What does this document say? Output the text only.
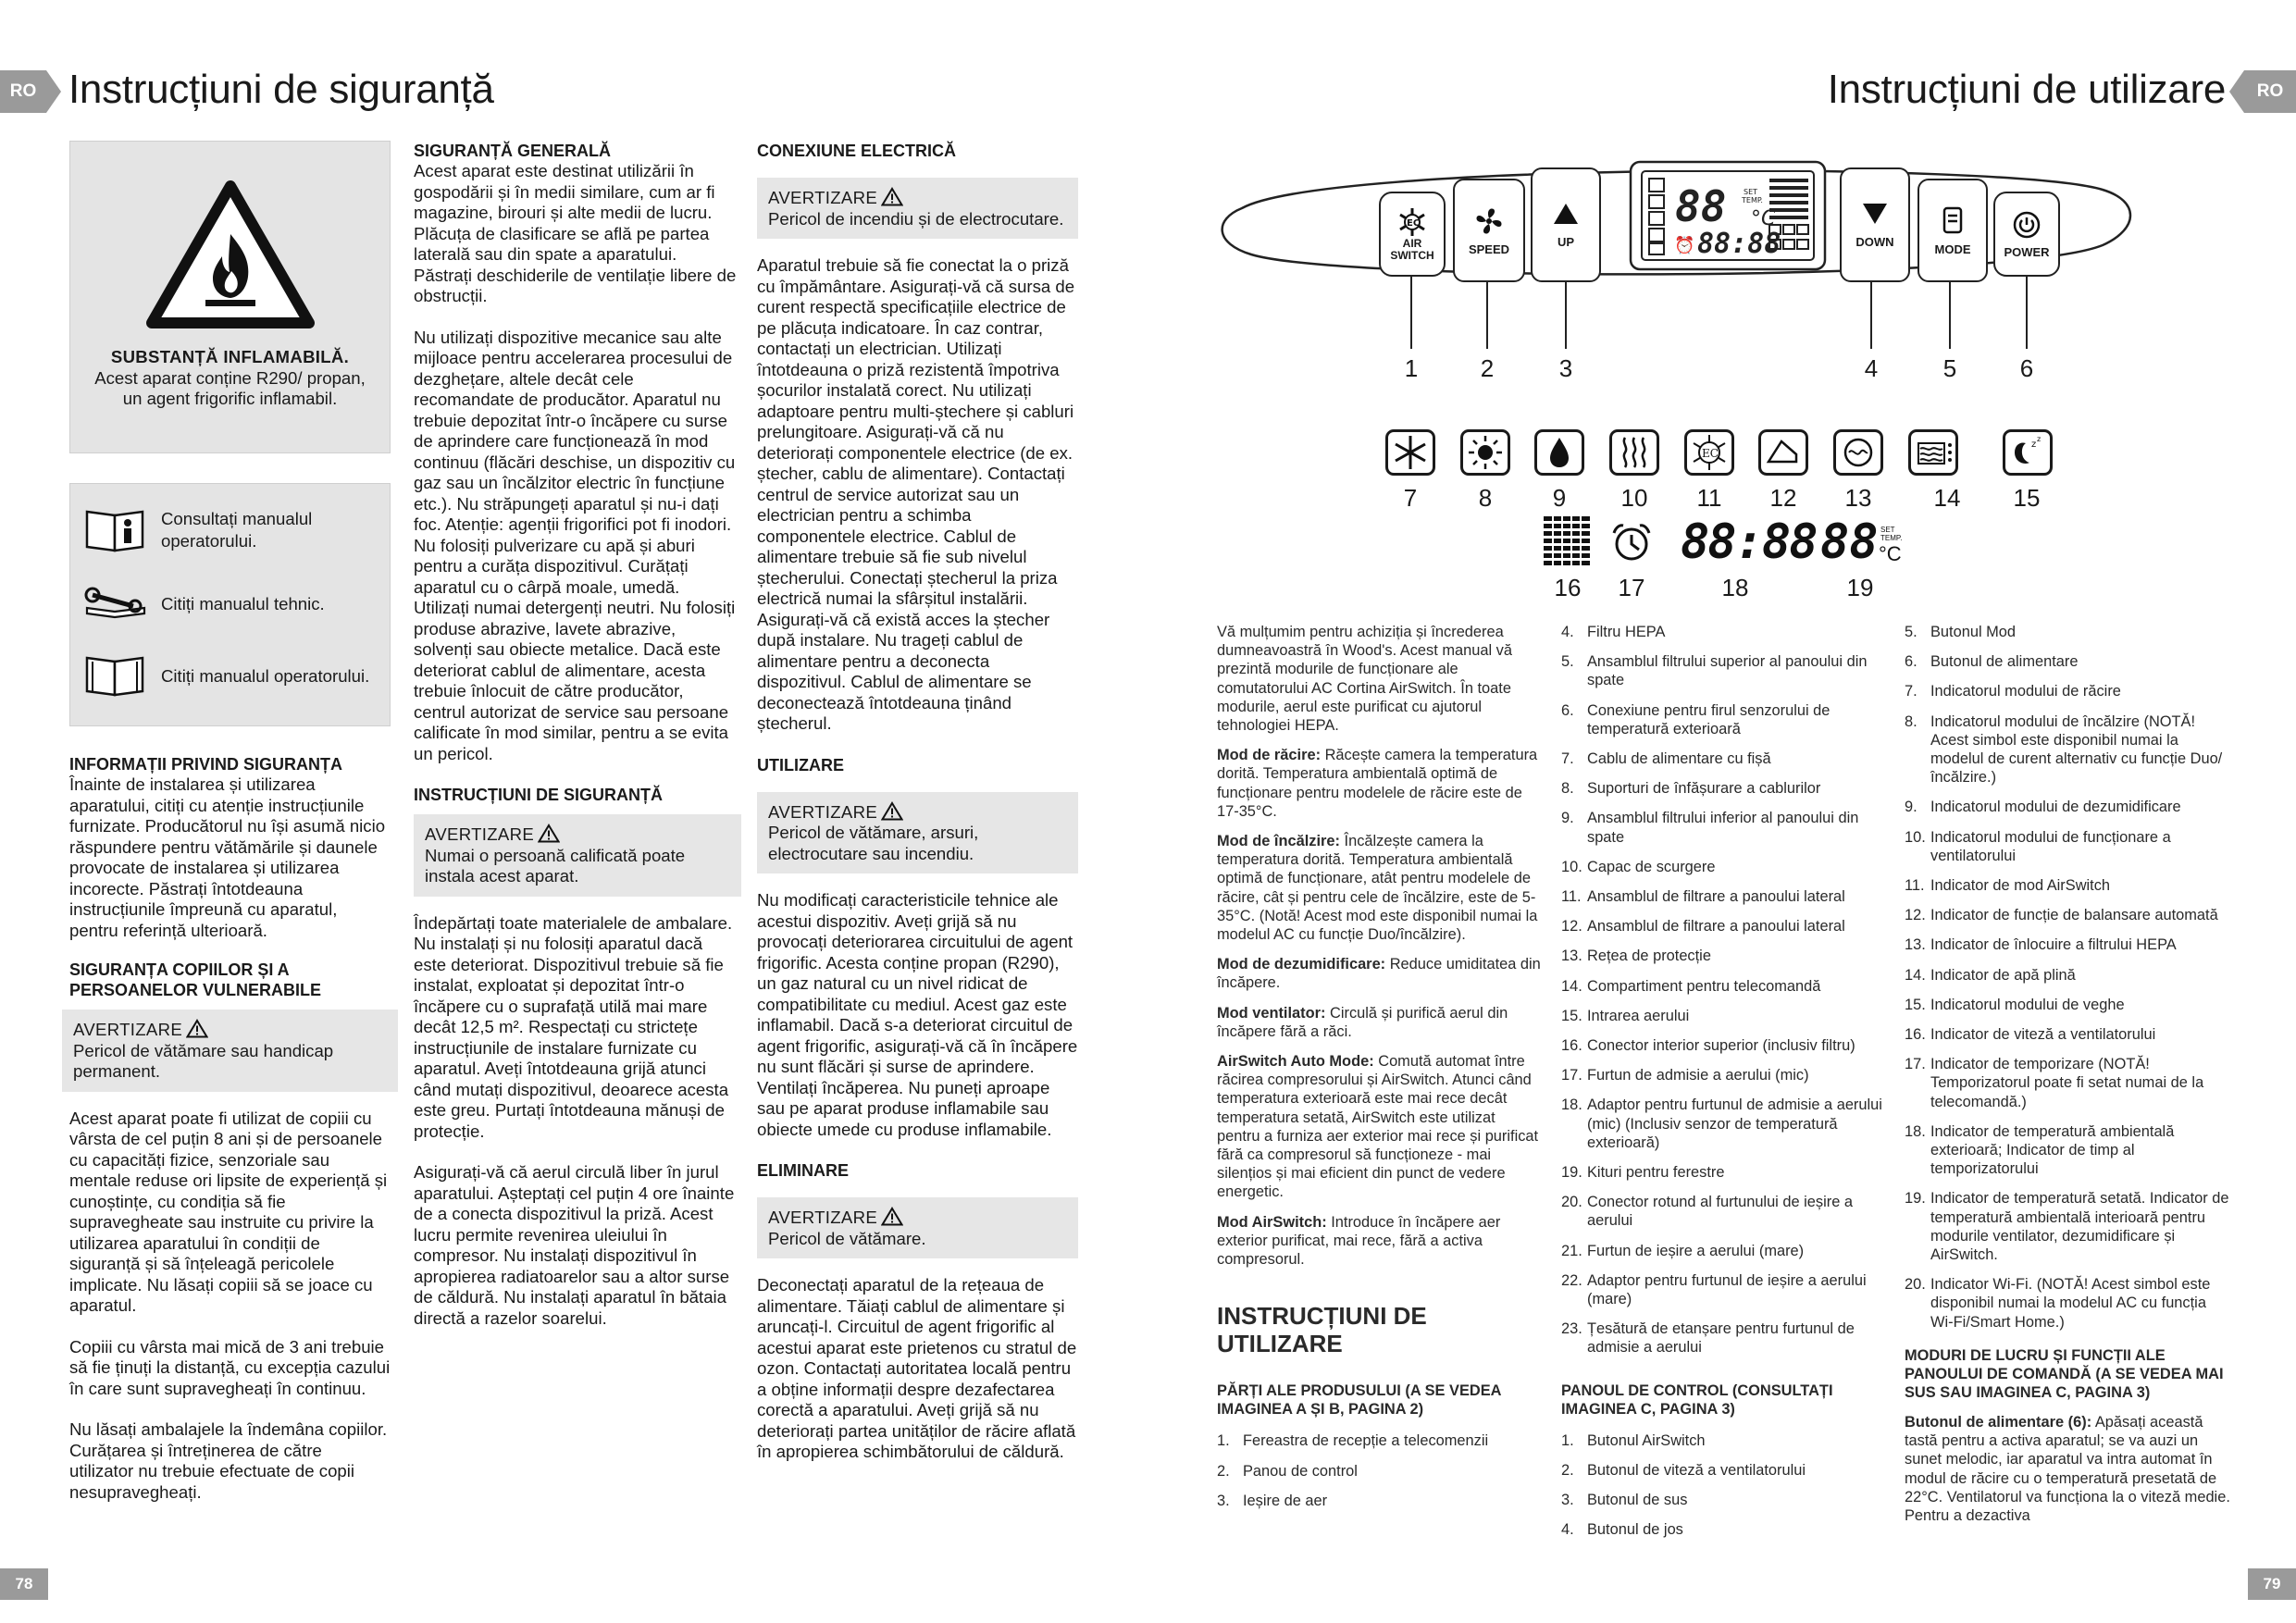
RO Instrucțiuni de siguranță
SUBSTANȚĂ INFLAMABILĂ.
Acest aparat conține R290/ propan, un agent frigorific inflamabil.
Consultați manualul operatorului.
Citiți manualul tehnic.
Citiți manualul operatorului.
INFORMAȚII PRIVIND SIGURANȚA

Înainte de instalarea și utilizarea aparatului, citiți cu atenție instrucțiunile furnizate. Producătorul nu își asumă nicio răspundere pentru vătămările și daunele provocate de instalarea și utilizarea incorecte. Păstrați întotdeauna instrucțiunile împreună cu aparatul, pentru referință ulterioară.

SIGURANȚA COPIILOR ȘI A PERSOANELOR VULNERABILE
AVERTIZARE
Pericol de vătămare sau handicap permanent.

Acest aparat poate fi utilizat de copiii cu vârsta de cel puțin 8 ani și de persoanele cu capacități fizice, senzoriale sau mentale reduse ori lipsite de experiență și cunoștințe, cu condiția să fie supravegheate sau instruite cu privire la utilizarea aparatului în condiții de siguranță și să înțeleagă pericolele implicate. Nu lăsați copiii să se joace cu aparatul.

Copiii cu vârsta mai mică de 3 ani trebuie să fie ținuți la distanță, cu excepția cazului în care sunt supravegheați în continuu.

Nu lăsați ambalajele la îndemâna copiilor. Curățarea și întreținerea de către utilizator nu trebuie efectuate de copii nesupravegheați.

SIGURANȚĂ GENERALĂ

Acest aparat este destinat utilizării în gospodării și în medii similare, cum ar fi magazine, birouri și alte medii de lucru. Plăcuța de clasificare se află pe partea laterală sau din spate a aparatului. Păstrați deschiderile de ventilație libere de obstrucții.

Nu utilizați dispozitive mecanice sau alte mijloace pentru accelerarea procesului de dezghețare, altele decât cele recomandate de producător. Aparatul nu trebuie depozitat într-o încăpere cu surse de aprindere care funcționează în mod continuu (flăcări deschise, un dispozitiv cu gaz sau un încălzitor electric în funcțiune etc.). Nu străpungeți aparatul și nu-i dați foc. Atenție: agenții frigorifici pot fi inodori. Nu folosiți pulverizare cu apă și aburi pentru a curăța dispozitivul. Curățați aparatul cu o cârpă moale, umedă. Utilizați numai detergenți neutri. Nu folosiți produse abrazive, lavete abrazive, solvenți sau obiecte metalice. Dacă este deteriorat cablul de alimentare, acesta trebuie înlocuit de către producător, centrul autorizat de service sau persoane calificate în mod similar, pentru a se evita un pericol.

INSTRUCȚIUNI DE SIGURANȚĂ
AVERTIZARE
Numai o persoană calificată poate instala acest aparat.

Îndepărtați toate materialele de ambalare. Nu instalați și nu folosiți aparatul dacă este deteriorat. Dispozitivul trebuie să fie instalat, exploatat și depozitat într-o încăpere cu o suprafață utilă mai mare decât 12,5 m². Respectați cu strictețe instrucțiunile de instalare furnizate cu aparatul. Aveți întotdeauna grijă atunci când mutați dispozitivul, deoarece acesta este greu. Purtați întotdeauna mănuși de protecție.

Asigurați-vă că aerul circulă liber în jurul aparatului. Așteptați cel puțin 4 ore înainte de a conecta dispozitivul la priză. Acest lucru permite revenirea uleiului în compresor. Nu instalați dispozitivul în apropierea radiatoarelor sau a altor surse de căldură. Nu instalați aparatul în bătaia directă a razelor soarelui.

CONEXIUNE ELECTRICĂ
AVERTIZARE
Pericol de incendiu și de electrocutare.

Aparatul trebuie să fie conectat la o priză cu împământare. Asigurați-vă că sursa de curent respectă specificațiile electrice de pe plăcuța indicatoare. În caz contrar, contactați un electrician. Utilizați întotdeauna o priză rezistentă împotriva șocurilor instalată corect. Nu utilizați adaptoare pentru multi-ștechere și cabluri prelungitoare. Asigurați-vă că nu deteriorați componentele electrice (de ex. ștecher, cablu de alimentare). Contactați centrul de service autorizat sau un electrician pentru a schimba componentele electrice. Cablul de alimentare trebuie să fie sub nivelul ștecherului. Conectați ștecherul la priza electrică numai la sfârșitul instalării. Asigurați-vă că există acces la ștecher după instalare. Nu trageți cablul de alimentare pentru a deconecta dispozitivul. Cablul de alimentare se deconectează întotdeauna ținând ștecherul.

UTILIZARE
AVERTIZARE
Pericol de vătămare, arsuri, electrocutare sau incendiu.

Nu modificați caracteristicile tehnice ale acestui dispozitiv. Aveți grijă să nu provocați deteriorarea circuitului de agent frigorific. Acesta conține propan (R290), un gaz natural cu un nivel ridicat de compatibilitate cu mediul. Acest gaz este inflamabil. Dacă s-a deteriorat circuitul de agent frigorific, asigurați-vă că în încăpere nu sunt flăcări și surse de aprindere. Ventilați încăperea. Nu puneți aproape sau pe aparat produse inflamabile sau obiecte umede cu produse inflamabile.

ELIMINARE
AVERTIZARE
Pericol de vătămare.

Deconectați aparatul de la rețeaua de alimentare. Tăiați cablul de alimentare și aruncați-l. Circuitul de agent frigorific al acestui aparat este prietenos cu stratul de ozon. Contactați autoritatea locală pentru a obține informații despre dezafectarea corectă a aparatului. Aveți grijă să nu deteriorați partea unităților de răcire aflată în apropierea schimbătorului de căldură.

78
RO
Instrucțiuni de utilizare
88 °C
88:88
⏰
SET
TEMP.
EC
AIR SWITCH	SPEED
UP	DOWN
MODE	POWER
1	2	3	4	5	6
EC
z
z
7	8	9	10	11	12	13	14	15
88:88 88 SET TEMP.
°C
16	17	18	19

Vă mulțumim pentru achiziția și încrederea dumneavoastră în Wood's. Acest manual vă prezintă modurile de funcționare ale comutatorului AC Cortina AirSwitch. În toate modurile, aerul este purificat cu ajutorul tehnologiei HEPA.

Mod de răcire: Răcește camera la temperatura dorită. Temperatura ambientală optimă de funcționare pentru modelele de răcire este de 17-35°C.

Mod de încălzire: Încălzește camera la temperatura dorită. Temperatura ambientală optimă de funcționare, atât pentru modelele de răcire, cât și pentru cele de încălzire, este de 5-35°C. (Notă! Acest mod este disponibil numai la modelul AC cu funcție Duo/încălzire).

Mod de dezumidificare: Reduce umiditatea din încăpere.

Mod ventilator: Circulă și purifică aerul din încăpere fără a răci.

AirSwitch Auto Mode: Comută automat între răcirea compresorului și AirSwitch. Atunci când temperatura exterioară este mai rece decât temperatura setată, AirSwitch este utilizat pentru a furniza aer exterior mai rece și purificat fără ca compresorul să funcționeze - mai silențios și mai eficient din punct de vedere energetic.

Mod AirSwitch: Introduce în încăpere aer exterior purificat, mai rece, fără a activa compresorul.

INSTRUCȚIUNI DE UTILIZARE
PĂRȚI ALE PRODUSULUI (A SE VEDEA IMAGINEA A ȘI B, PAGINA 2)
1. Fereastra de recepție a telecomenzii
2. Panou de control
3. Ieșire de aer
4. Filtru HEPA
5. Ansamblul filtrului superior al panoului din spate
6. Conexiune pentru firul senzorului de temperatură exterioară
7. Cablu de alimentare cu fișă
8. Suporturi de înfășurare a cablurilor
9. Ansamblul filtrului inferior al panoului din spate
10. Capac de scurgere
11. Ansamblul de filtrare a panoului lateral
12. Ansamblul de filtrare a panoului lateral
13. Rețea de protecție
14. Compartiment pentru telecomandă
15. Intrarea aerului
16. Conector interior superior (inclusiv filtru)
17. Furtun de admisie a aerului (mic)
18. Adaptor pentru furtunul de admisie a aerului (mic) (Inclusiv senzor de temperatură exterioară)
19. Kituri pentru ferestre
20. Conector rotund al furtunului de ieșire a aerului
21. Furtun de ieșire a aerului (mare)
22. Adaptor pentru furtunul de ieșire a aerului (mare)
23. Țesătură de etanșare pentru furtunul de admisie a aerului
PANOUL DE CONTROL (CONSULTAȚI IMAGINEA C, PAGINA 3)
1. Butonul AirSwitch
2. Butonul de viteză a ventilatorului
3. Butonul de sus
4. Butonul de jos
5. Butonul Mod
6. Butonul de alimentare
7. Indicatorul modului de răcire
8. Indicatorul modului de încălzire (NOTĂ! Acest simbol este disponibil numai la modelul de curent alternativ cu funcție Duo/încălzire.)
9. Indicatorul modului de dezumidificare
10. Indicatorul modului de funcționare a ventilatorului
11. Indicator de mod AirSwitch
12. Indicator de funcție de balansare automată
13. Indicator de înlocuire a filtrului HEPA
14. Indicator de apă plină
15. Indicatorul modului de veghe
16. Indicator de viteză a ventilatorului
17. Indicator de temporizare (NOTĂ! Temporizatorul poate fi setat numai de la telecomandă.)
18. Indicator de temperatură ambientală exterioară; Indicator de timp al temporizatorului
19. Indicator de temperatură setată. Indicator de temperatură ambientală interioară pentru modurile ventilator, dezumidificare și AirSwitch.
20. Indicator Wi-Fi. (NOTĂ! Acest simbol este disponibil numai la modelul AC cu funcția Wi-Fi/Smart Home.)
MODURI DE LUCRU ȘI FUNCȚII ALE PANOULUI DE COMANDĂ (A SE VEDEA MAI SUS SAU IMAGINEA C, PAGINA 3)

Butonul de alimentare (6): Apăsați această tastă pentru a activa aparatul; se va auzi un sunet melodic, iar aparatul va intra automat în modul de răcire cu o temperatură presetată de 22°C. Ventilatorul va funcționa la o viteză medie. Pentru a dezactiva

79
